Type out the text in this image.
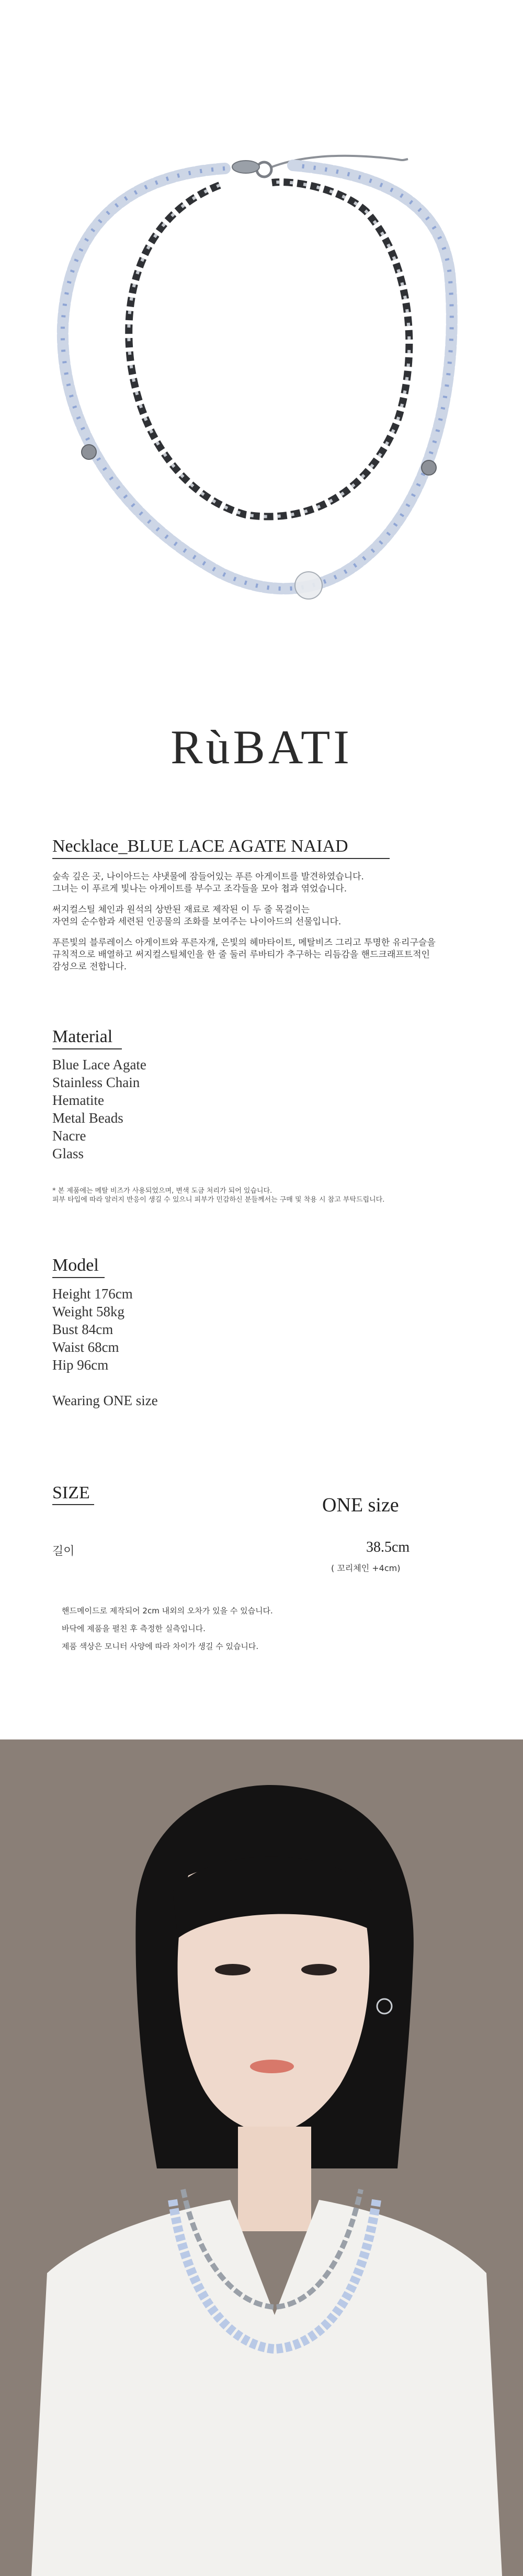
RùBATI
Necklace_BLUE LACE AGATE NAIAD
숲속 깊은 곳, 나이아드는 샤냇물에 잠들어있는 푸른 아게이트를 발견하였습니다.
그녀는 이 푸르게 빛나는 아게이트를 부수고 조각들을 모아 쳡과 엮었습니다.
써지컬스틸 체인과 원석의 상반된 재료로 제작된 이 두 줄 목걸이는
자연의 순수함과 세련된 인공물의 조화를 보여주는 나이아드의 선물입니다.
푸른빛의 블루레이스 아게이트와 푸른자개, 은빛의 헤마타이트, 메탈비즈 그리고 투명한 유리구슬을
규칙적으로 배열하고 써지컬스틸체인을 한 줄 둘러 루바티가 추구하는 리듬감을 핸드크래프트적인
감성으로 전합니다.
Material
Blue Lace Agate
Stainless Chain
Hematite
Metal Beads
Nacre
Glass
* 본 제품에는 메탈 비즈가 사용되었으며, 변색 도금 처리가 되어 있습니다.
피부 타입에 따라 알러지 반응이 생길 수 있으니 피부가 민감하신 분들께서는 구매 및 착용 시 참고 부탁드립니다.
Model
Height 176cm
Weight 58kg
Bust 84cm
Waist 68cm
Hip 96cm
Wearing ONE size
SIZE
ONE size
길이	38.5cm
( 꼬리체인 +4cm)
핸드메이드로 제작되어 2cm 내외의 오차가 있을 수 있습니다.
바닥에 제품을 펼친 후 측정한 실측입니다.
제품 색상은 모니터 사양에 따라 차이가 생길 수 있습니다.
